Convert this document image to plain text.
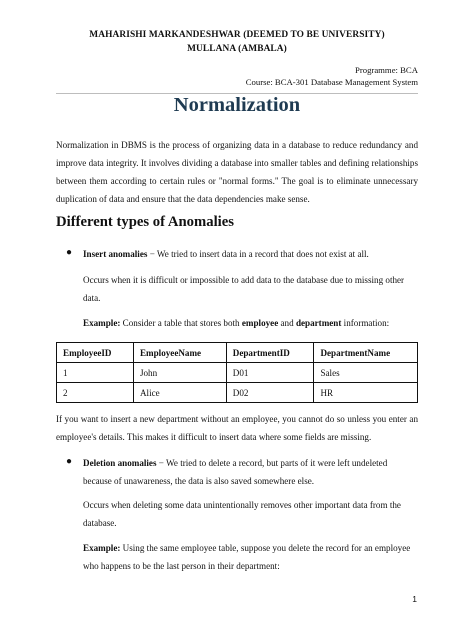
MAHARISHI MARKANDESHWAR (DEEMED TO BE UNIVERSITY)
MULLANA (AMBALA)
Programme: BCA
Course: BCA-301 Database Management System
Normalization
Normalization in DBMS is the process of organizing data in a database to reduce redundancy and improve data integrity. It involves dividing a database into smaller tables and defining relationships between them according to certain rules or "normal forms." The goal is to eliminate unnecessary duplication of data and ensure that the data dependencies make sense.
Different types of Anomalies
● Insert anomalies − We tried to insert data in a record that does not exist at all.
Occurs when it is difficult or impossible to add data to the database due to missing other data.
Example: Consider a table that stores both employee and department information:
EmployeeID	EmployeeName	DepartmentID	DepartmentName
1	John	D01	Sales
2	Alice	D02	HR
If you want to insert a new department without an employee, you cannot do so unless you enter an employee's details. This makes it difficult to insert data where some fields are missing.
● Deletion anomalies − We tried to delete a record, but parts of it were left undeleted because of unawareness, the data is also saved somewhere else.
Occurs when deleting some data unintentionally removes other important data from the database.
Example: Using the same employee table, suppose you delete the record for an employee who happens to be the last person in their department:
1
